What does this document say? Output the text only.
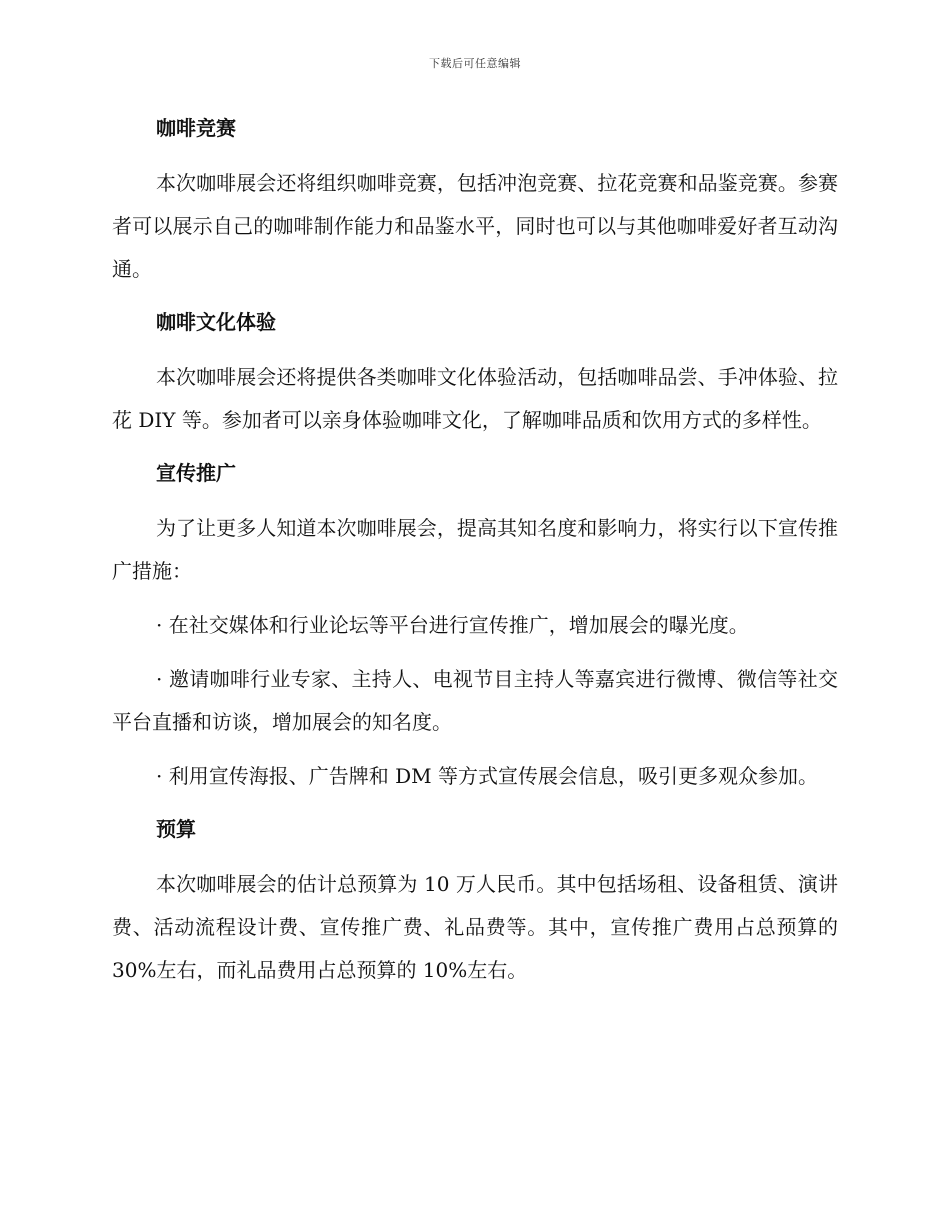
下载后可任意编辑
咖啡竞赛

本次咖啡展会还将组织咖啡竞赛，包括冲泡竞赛、拉花竞赛和品鉴竞赛。参赛者可以展示自己的咖啡制作能力和品鉴水平，同时也可以与其他咖啡爱好者互动沟通。

咖啡文化体验

本次咖啡展会还将提供各类咖啡文化体验活动，包括咖啡品尝、手冲体验、拉花 DIY 等。参加者可以亲身体验咖啡文化，了解咖啡品质和饮用方式的多样性。

宣传推广

为了让更多人知道本次咖啡展会，提高其知名度和影响力，将实行以下宣传推广措施：

· 在社交媒体和行业论坛等平台进行宣传推广，增加展会的曝光度。

· 邀请咖啡行业专家、主持人、电视节目主持人等嘉宾进行微博、微信等社交平台直播和访谈，增加展会的知名度。

· 利用宣传海报、广告牌和 DM 等方式宣传展会信息，吸引更多观众参加。

预算

本次咖啡展会的估计总预算为 10 万人民币。其中包括场租、设备租赁、演讲费、活动流程设计费、宣传推广费、礼品费等。其中，宣传推广费用占总预算的 30%左右，而礼品费用占总预算的 10%左右。
